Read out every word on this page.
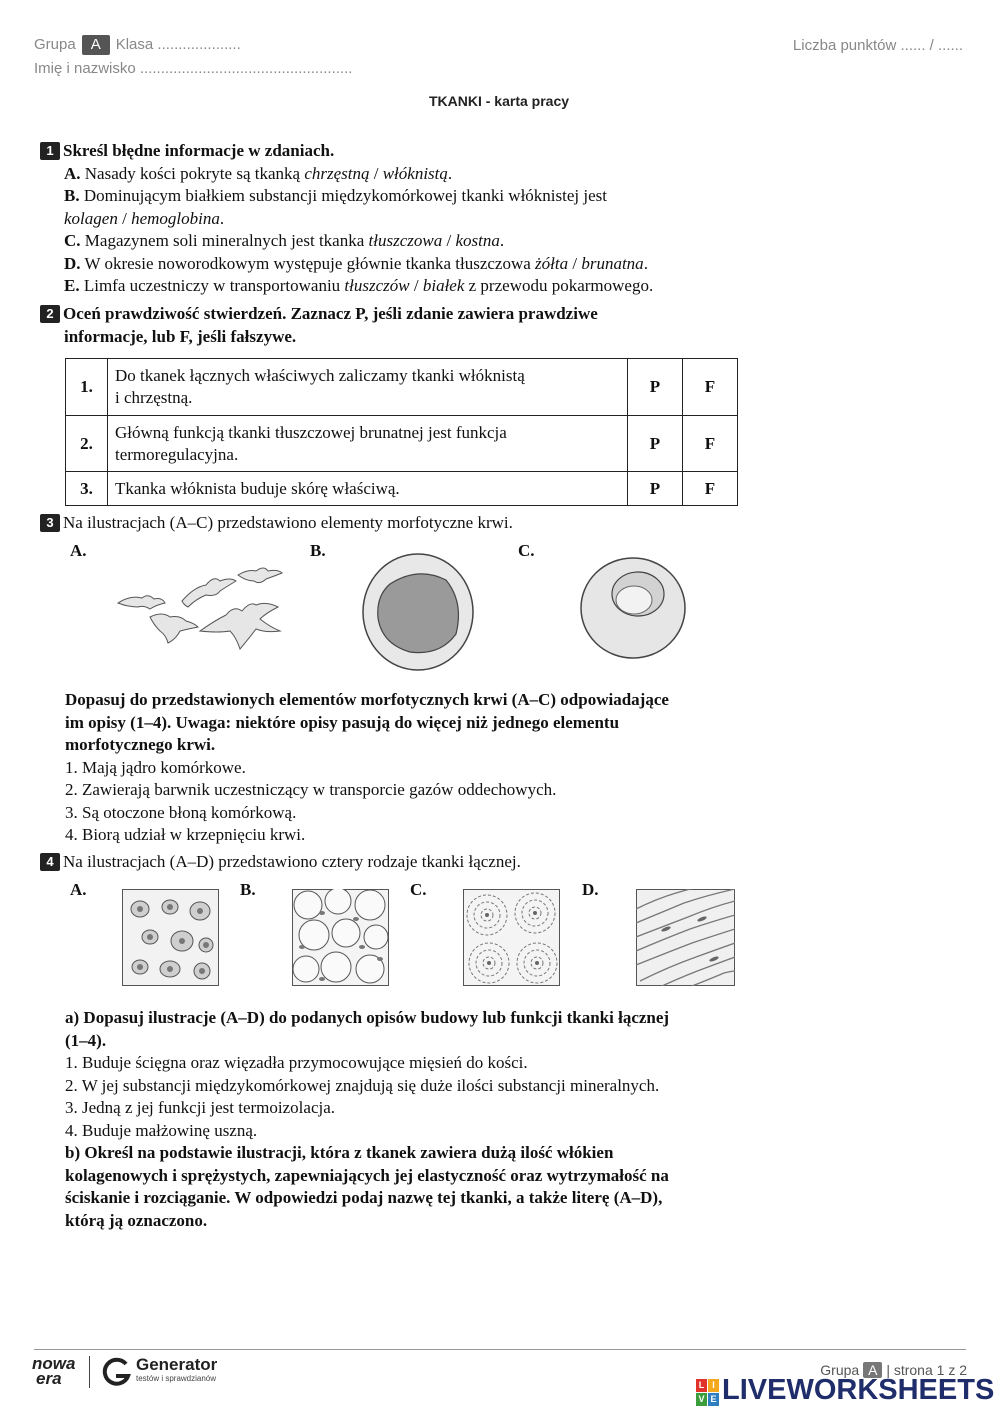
Grupa A Klasa ....................	Liczba punktów ...... / ......
Imię i nazwisko ...................................................
TKANKI - karta pracy
1 Skreśl błędne informacje w zdaniach.
A. Nasady kości pokryte są tkanką chrzęstną / włóknistą.
B. Dominującym białkiem substancji międzykomórkowej tkanki włóknistej jest
kolagen / hemoglobina.
C. Magazynem soli mineralnych jest tkanka tłuszczowa / kostna.
D. W okresie noworodkowym występuje głównie tkanka tłuszczowa żółta / brunatna.
E. Limfa uczestniczy w transportowaniu tłuszczów / białek z przewodu pokarmowego.
2 Oceń prawdziwość stwierdzeń. Zaznacz P, jeśli zdanie zawiera prawdziwe
informacje, lub F, jeśli fałszywe.
1.	Do tkanek łącznych właściwych zaliczamy tkanki włóknistą
i chrzęstną.	P	F
2.	Główną funkcją tkanki tłuszczowej brunatnej jest funkcja
termoregulacyjna.	P	F
3.	Tkanka włóknista buduje skórę właściwą.	P	F
3 Na ilustracjach (A–C) przedstawiono elementy morfotyczne krwi.
A.	B.	C.
Dopasuj do przedstawionych elementów morfotycznych krwi (A–C) odpowiadające
im opisy (1–4). Uwaga: niektóre opisy pasują do więcej niż jednego elementu
morfotycznego krwi.
1. Mają jądro komórkowe.
2. Zawierają barwnik uczestniczący w transporcie gazów oddechowych.
3. Są otoczone błoną komórkową.
4. Biorą udział w krzepnięciu krwi.
4 Na ilustracjach (A–D) przedstawiono cztery rodzaje tkanki łącznej.
A.	B.	C.	D.
a) Dopasuj ilustracje (A–D) do podanych opisów budowy lub funkcji tkanki łącznej
(1–4).
1. Buduje ścięgna oraz więzadła przymocowujące mięsień do kości.
2. W jej substancji międzykomórkowej znajdują się duże ilości substancji mineralnych.
3. Jedną z jej funkcji jest termoizolacja.
4. Buduje małżowinę uszną.
b) Określ na podstawie ilustracji, która z tkanek zawiera dużą ilość włókien
kolagenowych i sprężystych, zapewniających jej elastyczność oraz wytrzymałość na
ściskanie i rozciąganie. W odpowiedzi podaj nazwę tej tkanki, a także literę (A–D),
którą ją oznaczono.
nowa
era
Generator
testów i sprawdzianów
Grupa A | strona 1 z 2
L I
V E LIVEWORKSHEETS
